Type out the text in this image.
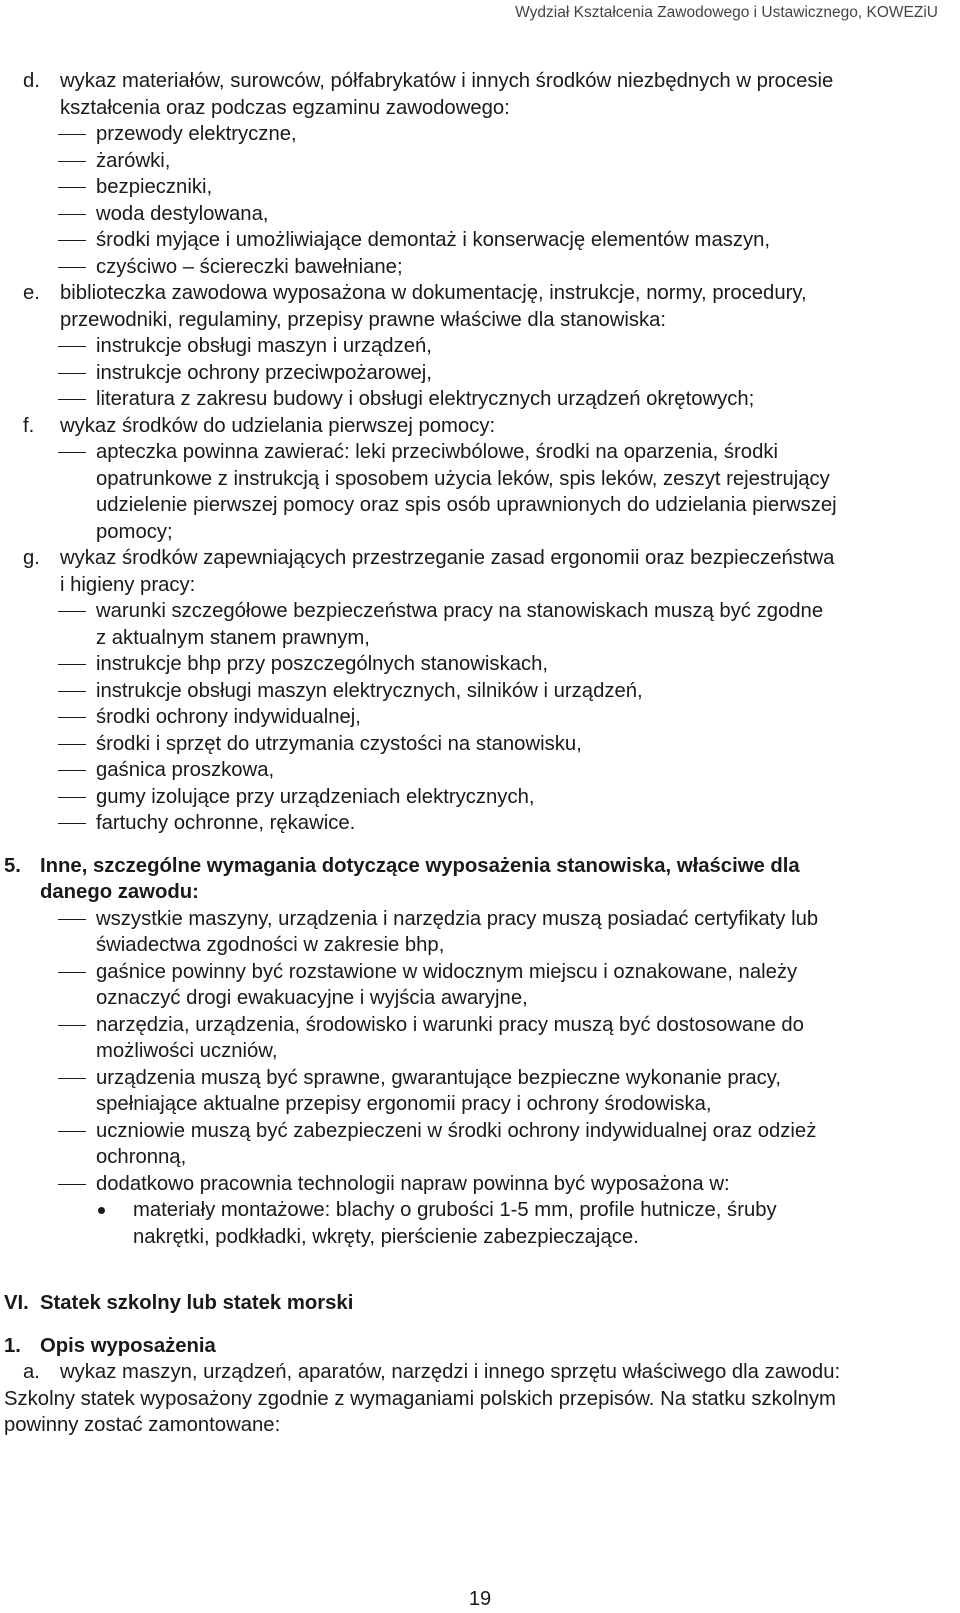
Wydział Kształcenia Zawodowego i Ustawicznego, KOWEZiU
d. wykaz materiałów, surowców, półfabrykatów i innych środków niezbędnych w procesie
kształcenia oraz podczas egzaminu zawodowego:
przewody elektryczne,
żarówki,
bezpieczniki,
woda destylowana,
środki myjące i umożliwiające demontaż i konserwację elementów maszyn,
czyściwo – ściereczki bawełniane;
e. biblioteczka zawodowa wyposażona w dokumentację, instrukcje, normy, procedury,
przewodniki, regulaminy, przepisy prawne właściwe dla stanowiska:
instrukcje obsługi maszyn i urządzeń,
instrukcje ochrony przeciwpożarowej,
literatura z zakresu budowy i obsługi elektrycznych urządzeń okrętowych;
f. wykaz środków do udzielania pierwszej pomocy:
apteczka powinna zawierać: leki przeciwbólowe, środki na oparzenia, środki
opatrunkowe z instrukcją i sposobem użycia leków, spis leków, zeszyt rejestrujący
udzielenie pierwszej pomocy oraz spis osób uprawnionych do udzielania pierwszej
pomocy;
g. wykaz środków zapewniających przestrzeganie zasad ergonomii oraz bezpieczeństwa
i higieny pracy:
warunki szczegółowe bezpieczeństwa pracy na stanowiskach muszą być zgodne
z aktualnym stanem prawnym,
instrukcje bhp przy poszczególnych stanowiskach,
instrukcje obsługi maszyn elektrycznych, silników i urządzeń,
środki ochrony indywidualnej,
środki i sprzęt do utrzymania czystości na stanowisku,
gaśnica proszkowa,
gumy izolujące przy urządzeniach elektrycznych,
fartuchy ochronne, rękawice.
5. Inne, szczególne wymagania dotyczące wyposażenia stanowiska, właściwe dla
danego zawodu:
wszystkie maszyny, urządzenia i narzędzia pracy muszą posiadać certyfikaty lub
świadectwa zgodności w zakresie bhp,
gaśnice powinny być rozstawione w widocznym miejscu i oznakowane, należy
oznaczyć drogi ewakuacyjne i wyjścia awaryjne,
narzędzia, urządzenia, środowisko i warunki pracy muszą być dostosowane do
możliwości uczniów,
urządzenia muszą być sprawne, gwarantujące bezpieczne wykonanie pracy,
spełniające aktualne przepisy ergonomii pracy i ochrony środowiska,
uczniowie muszą być zabezpieczeni w środki ochrony indywidualnej oraz odzież
ochronną,
dodatkowo pracownia technologii napraw powinna być wyposażona w:
materiały montażowe: blachy o grubości 1-5 mm, profile hutnicze, śruby
nakrętki, podkładki, wkręty, pierścienie zabezpieczające.
VI. Statek szkolny lub statek morski
1. Opis wyposażenia
a. wykaz maszyn, urządzeń, aparatów, narzędzi i innego sprzętu właściwego dla zawodu:
Szkolny statek wyposażony zgodnie z wymaganiami polskich przepisów. Na statku szkolnym
powinny zostać zamontowane:
19
